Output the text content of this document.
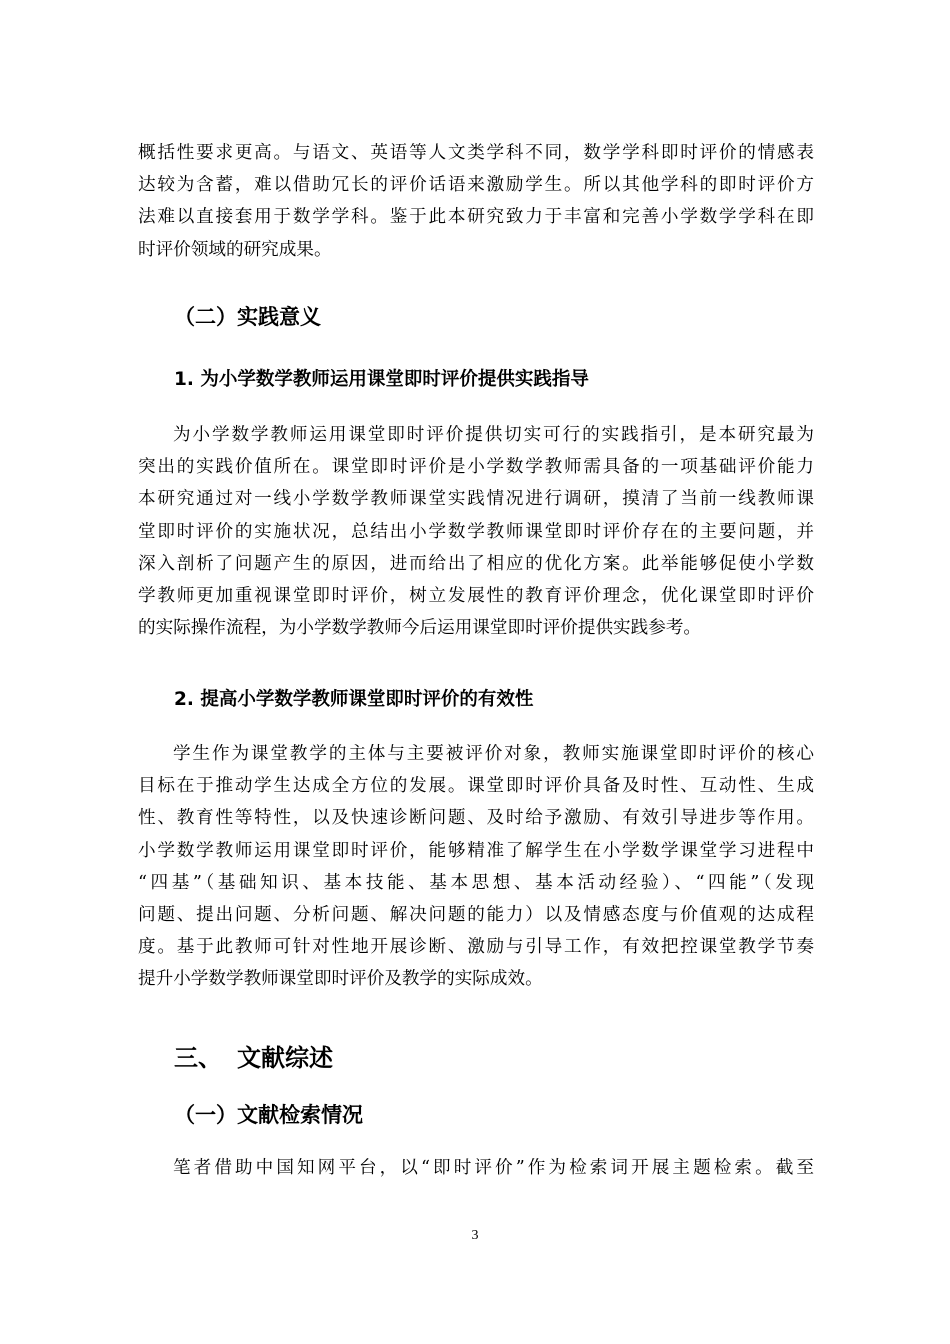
概括性要求更高。与语文、英语等人文类学科不同，数学学科即时评价的情感表
达较为含蓄，难以借助冗长的评价话语来激励学生。所以其他学科的即时评价方
法难以直接套用于数学学科。鉴于此本研究致力于丰富和完善小学数学学科在即
时评价领域的研究成果。
（二）实践意义
1. 为小学数学教师运用课堂即时评价提供实践指导
为小学数学教师运用课堂即时评价提供切实可行的实践指引，是本研究最为
突出的实践价值所在。课堂即时评价是小学数学教师需具备的一项基础评价能力
本研究通过对一线小学数学教师课堂实践情况进行调研，摸清了当前一线教师课
堂即时评价的实施状况，总结出小学数学教师课堂即时评价存在的主要问题，并
深入剖析了问题产生的原因，进而给出了相应的优化方案。此举能够促使小学数
学教师更加重视课堂即时评价，树立发展性的教育评价理念，优化课堂即时评价
的实际操作流程，为小学数学教师今后运用课堂即时评价提供实践参考。
2. 提高小学数学教师课堂即时评价的有效性
学生作为课堂教学的主体与主要被评价对象，教师实施课堂即时评价的核心
目标在于推动学生达成全方位的发展。课堂即时评价具备及时性、互动性、生成
性、教育性等特性，以及快速诊断问题、及时给予激励、有效引导进步等作用。
小学数学教师运用课堂即时评价，能够精准了解学生在小学数学课堂学习进程中
“四基”（基础知识、基本技能、基本思想、基本活动经验）、“四能”（发现
问题、提出问题、分析问题、解决问题的能力）以及情感态度与价值观的达成程
度。基于此教师可针对性地开展诊断、激励与引导工作，有效把控课堂教学节奏
提升小学数学教师课堂即时评价及教学的实际成效。
三、 文献综述
（一）文献检索情况
笔者借助中国知网平台，以“即时评价”作为检索词开展主题检索。截至
3
